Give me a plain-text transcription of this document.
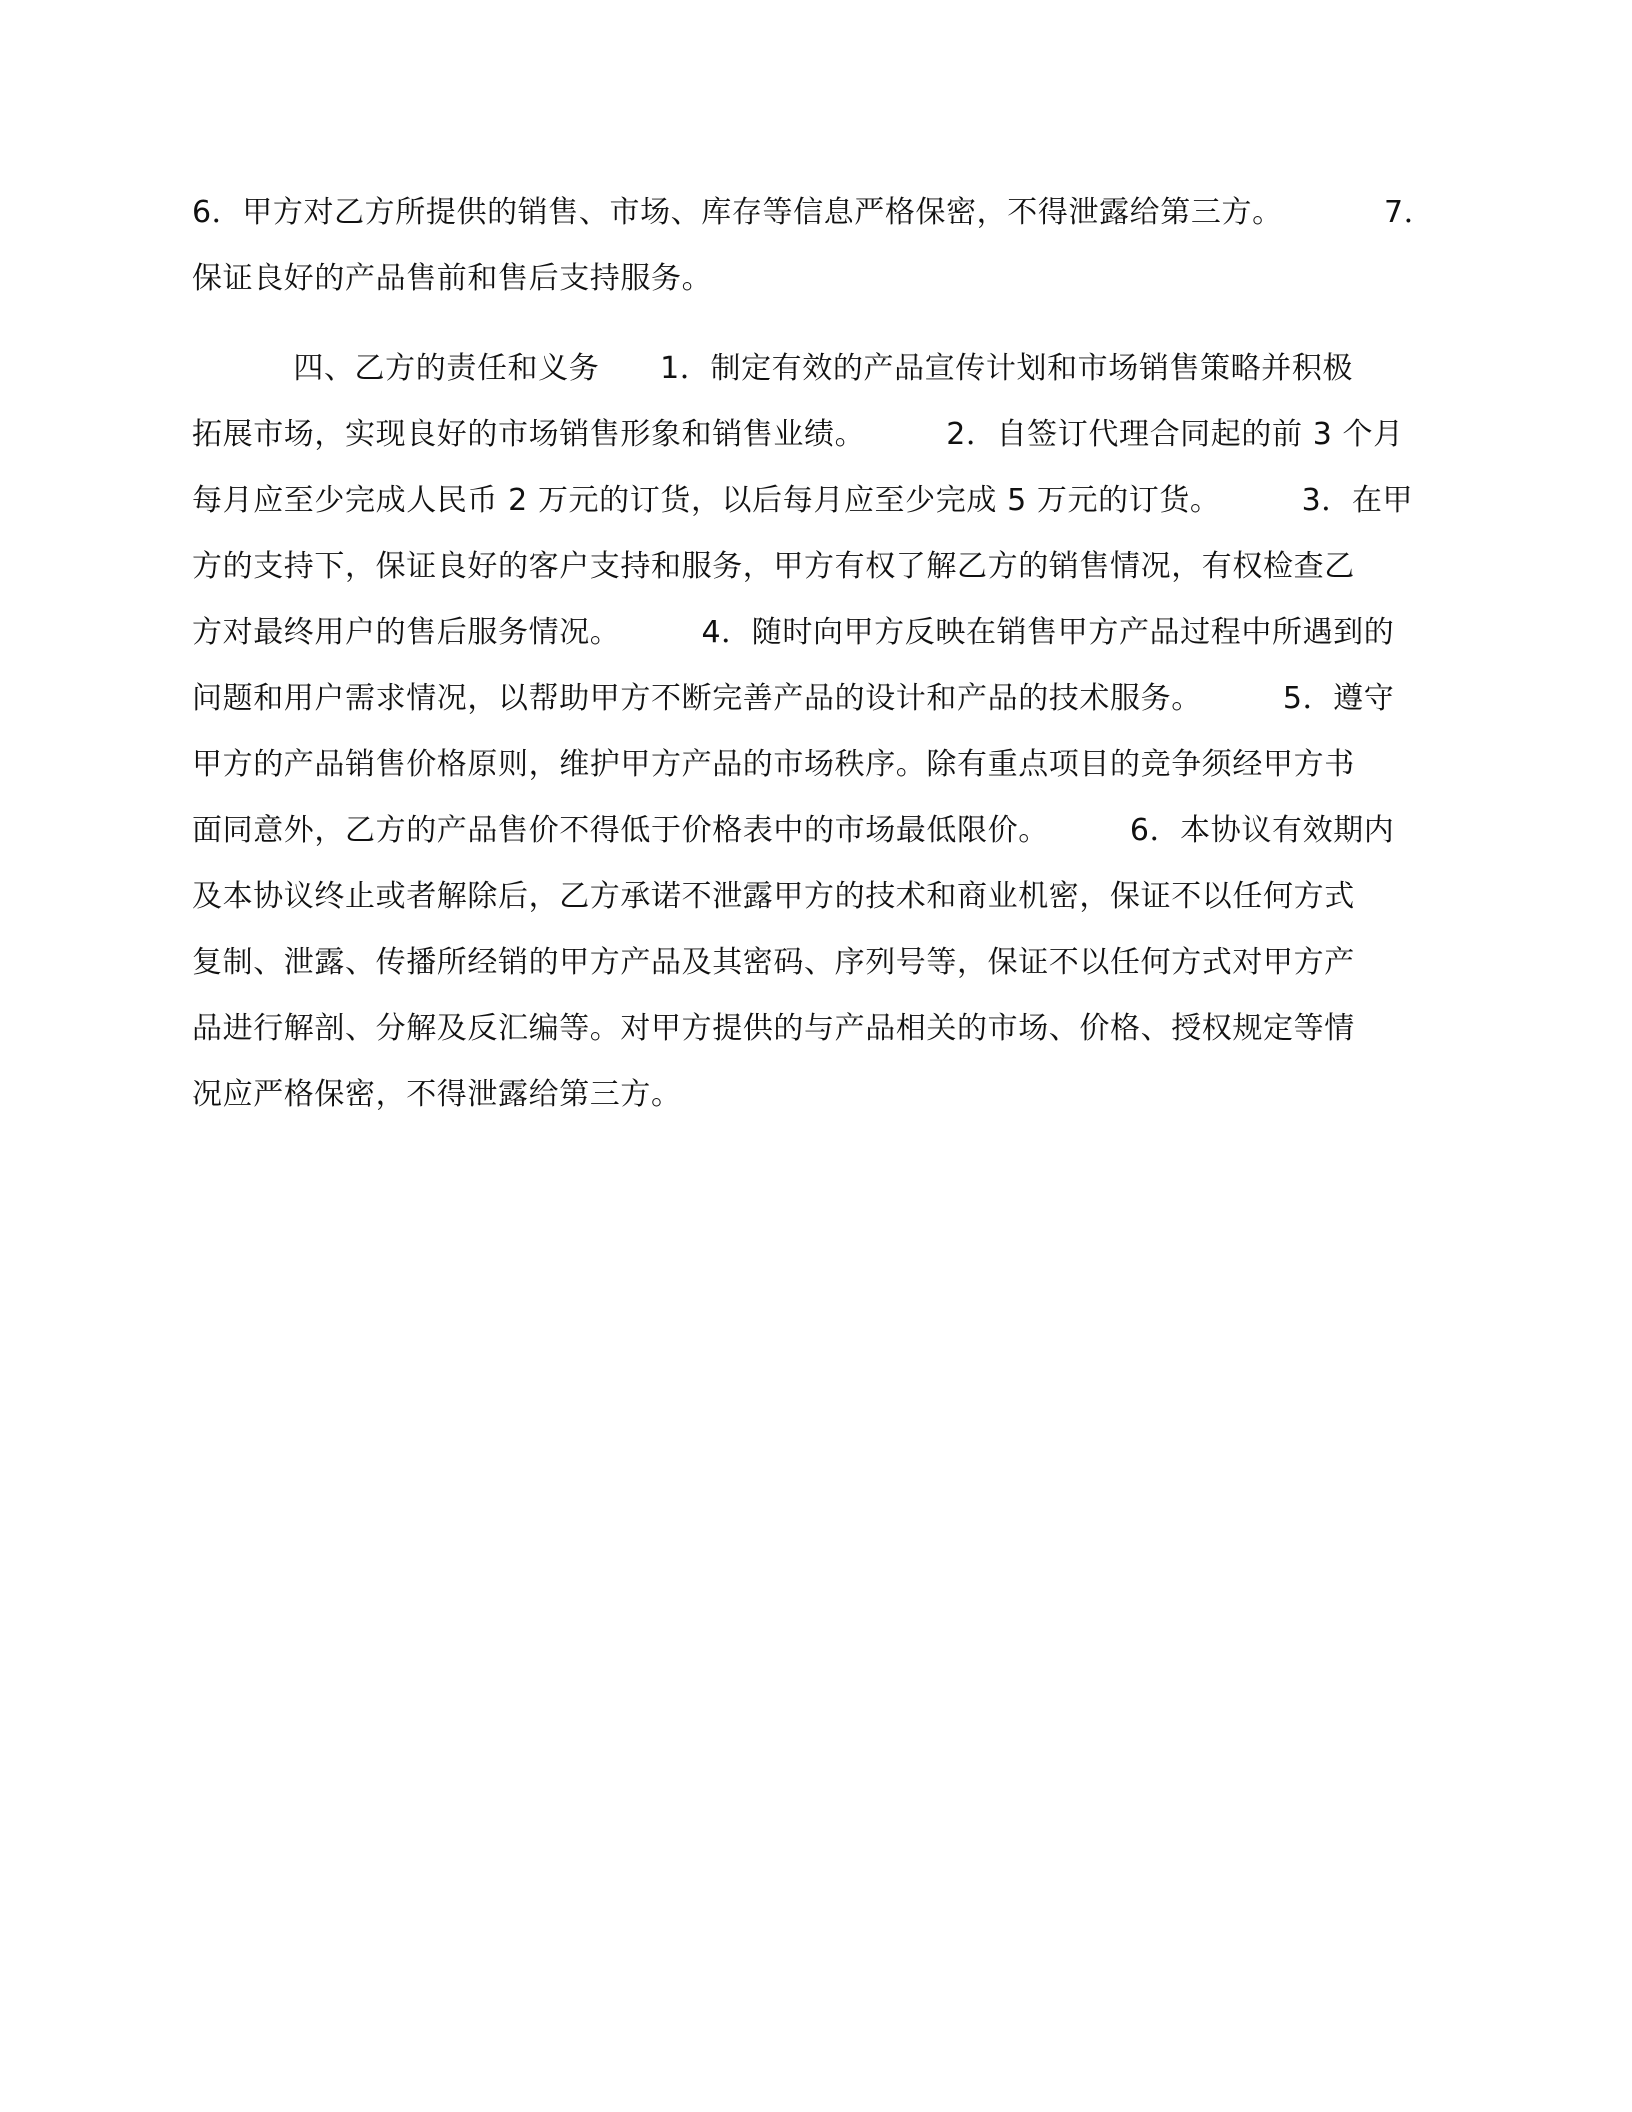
6．甲方对乙方所提供的销售、市场、库存等信息严格保密，不得泄露给第三方。          7．
保证良好的产品售前和售后支持服务。
四、乙方的责任和义务      1．制定有效的产品宣传计划和市场销售策略并积极
拓展市场，实现良好的市场销售形象和销售业绩。        2．自签订代理合同起的前 3 个月
每月应至少完成人民币 2 万元的订货，以后每月应至少完成 5 万元的订货。        3．在甲
方的支持下，保证良好的客户支持和服务，甲方有权了解乙方的销售情况，有权检查乙
方对最终用户的售后服务情况。        4．随时向甲方反映在销售甲方产品过程中所遇到的
问题和用户需求情况，以帮助甲方不断完善产品的设计和产品的技术服务。        5．遵守
甲方的产品销售价格原则，维护甲方产品的市场秩序。除有重点项目的竞争须经甲方书
面同意外，乙方的产品售价不得低于价格表中的市场最低限价。        6．本协议有效期内
及本协议终止或者解除后，乙方承诺不泄露甲方的技术和商业机密，保证不以任何方式
复制、泄露、传播所经销的甲方产品及其密码、序列号等，保证不以任何方式对甲方产
品进行解剖、分解及反汇编等。对甲方提供的与产品相关的市场、价格、授权规定等情
况应严格保密，不得泄露给第三方。
